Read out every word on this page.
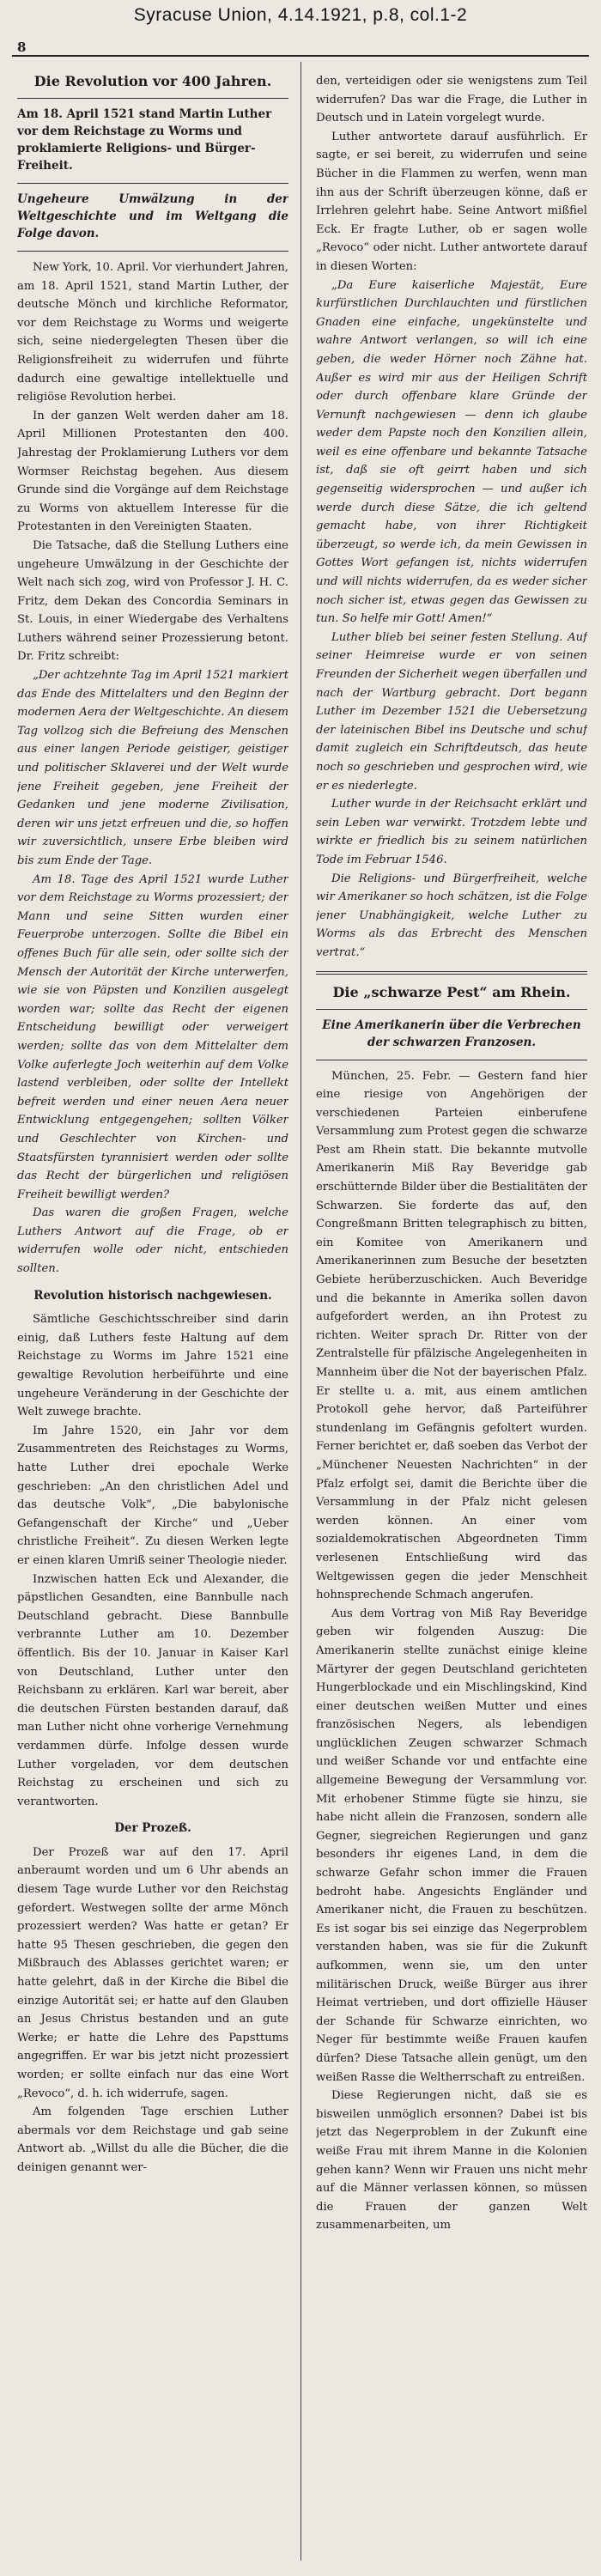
Syracuse Union, 4.14.1921, p.8, col.1-2
8
Die Revolution vor 400 Jahren.
Am 18. April 1521 stand Martin Luther vor dem Reichstage zu Worms und proklamierte Religions- und Bürger-Freiheit.
Ungeheure Umwälzung in der Weltgeschichte und im Weltgang die Folge davon.

New York, 10. April. Vor vierhundert Jahren, am 18. April 1521, stand Martin Luther, der deutsche Mönch und kirchliche Reformator, vor dem Reichstage zu Worms und weigerte sich, seine niedergelegten Thesen über die Religionsfreiheit zu widerrufen und führte dadurch eine gewaltige intellektuelle und religiöse Revolution herbei.

In der ganzen Welt werden daher am 18. April Millionen Protestanten den 400. Jahrestag der Proklamierung Luthers vor dem Wormser Reichstag begehen. Aus diesem Grunde sind die Vorgänge auf dem Reichstage zu Worms von aktuellem Interesse für die Protestanten in den Vereinigten Staaten.

Die Tatsache, daß die Stellung Luthers eine ungeheure Umwälzung in der Geschichte der Welt nach sich zog, wird von Professor J. H. C. Fritz, dem Dekan des Concordia Seminars in St. Louis, in einer Wiedergabe des Verhaltens Luthers während seiner Prozessierung betont. Dr. Fritz schreibt:

„Der achtzehnte Tag im April 1521 markiert das Ende des Mittelalters und den Beginn der modernen Aera der Weltgeschichte. An diesem Tag vollzog sich die Befreiung des Menschen aus einer langen Periode geistiger, geistiger und politischer Sklaverei und der Welt wurde jene Freiheit gegeben, jene Freiheit der Gedanken und jene moderne Zivilisation, deren wir uns jetzt erfreuen und die, so hoffen wir zuversichtlich, unsere Erbe bleiben wird bis zum Ende der Tage.

Am 18. Tage des April 1521 wurde Luther vor dem Reichstage zu Worms prozessiert; der Mann und seine Sitten wurden einer Feuerprobe unterzogen. Sollte die Bibel ein offenes Buch für alle sein, oder sollte sich der Mensch der Autorität der Kirche unterwerfen, wie sie von Päpsten und Konzilien ausgelegt worden war; sollte das Recht der eigenen Entscheidung bewilligt oder verweigert werden; sollte das von dem Mittelalter dem Volke auferlegte Joch weiterhin auf dem Volke lastend verbleiben, oder sollte der Intellekt befreit werden und einer neuen Aera neuer Entwicklung entgegengehen; sollten Völker und Geschlechter von Kirchen- und Staatsfürsten tyrannisiert werden oder sollte das Recht der bürgerlichen und religiösen Freiheit bewilligt werden?

Das waren die großen Fragen, welche Luthers Antwort auf die Frage, ob er widerrufen wolle oder nicht, entschieden sollten.

Revolution historisch nachgewiesen.

Sämtliche Geschichtsschreiber sind darin einig, daß Luthers feste Haltung auf dem Reichstage zu Worms im Jahre 1521 eine gewaltige Revolution herbeiführte und eine ungeheure Veränderung in der Geschichte der Welt zuwege brachte.

Im Jahre 1520, ein Jahr vor dem Zusammentreten des Reichstages zu Worms, hatte Luther drei epochale Werke geschrieben: „An den christlichen Adel und das deutsche Volk“, „Die babylonische Gefangenschaft der Kirche“ und „Ueber christliche Freiheit“. Zu diesen Werken legte er einen klaren Umriß seiner Theologie nieder.

Inzwischen hatten Eck und Alexander, die päpstlichen Gesandten, eine Bannbulle nach Deutschland gebracht. Diese Bannbulle verbrannte Luther am 10. Dezember öffentlich. Bis der 10. Januar in Kaiser Karl von Deutschland, Luther unter den Reichsbann zu erklären. Karl war bereit, aber die deutschen Fürsten bestanden darauf, daß man Luther nicht ohne vorherige Vernehmung verdammen dürfe. Infolge dessen wurde Luther vorgeladen, vor dem deutschen Reichstag zu erscheinen und sich zu verantworten.

Der Prozeß.

Der Prozeß war auf den 17. April anberaumt worden und um 6 Uhr abends an diesem Tage wurde Luther vor den Reichstag gefordert. Westwegen sollte der arme Mönch prozessiert werden? Was hatte er getan? Er hatte 95 Thesen geschrieben, die gegen den Mißbrauch des Ablasses gerichtet waren; er hatte gelehrt, daß in der Kirche die Bibel die einzige Autorität sei; er hatte auf den Glauben an Jesus Christus bestanden und an gute Werke; er hatte die Lehre des Papsttums angegriffen. Er war bis jetzt nicht prozessiert worden; er sollte einfach nur das eine Wort „Revoco“, d. h. ich widerrufe, sagen.

Am folgenden Tage erschien Luther abermals vor dem Reichstage und gab seine Antwort ab. „Willst du alle die Bücher, die die deinigen genannt wer-

den, verteidigen oder sie wenigstens zum Teil widerrufen? Das war die Frage, die Luther in Deutsch und in Latein vorgelegt wurde.

Luther antwortete darauf ausführlich. Er sagte, er sei bereit, zu widerrufen und seine Bücher in die Flammen zu werfen, wenn man ihn aus der Schrift überzeugen könne, daß er Irrlehren gelehrt habe. Seine Antwort mißfiel Eck. Er fragte Luther, ob er sagen wolle „Revoco“ oder nicht. Luther antwortete darauf in diesen Worten:

„Da Eure kaiserliche Majestät, Eure kurfürstlichen Durchlauchten und fürstlichen Gnaden eine einfache, ungekünstelte und wahre Antwort verlangen, so will ich eine geben, die weder Hörner noch Zähne hat. Außer es wird mir aus der Heiligen Schrift oder durch offenbare klare Gründe der Vernunft nachgewiesen — denn ich glaube weder dem Papste noch den Konzilien allein, weil es eine offenbare und bekannte Tatsache ist, daß sie oft geirrt haben und sich gegenseitig widersprochen — und außer ich werde durch diese Sätze, die ich geltend gemacht habe, von ihrer Richtigkeit überzeugt, so werde ich, da mein Gewissen in Gottes Wort gefangen ist, nichts widerrufen und will nichts widerrufen, da es weder sicher noch sicher ist, etwas gegen das Gewissen zu tun. So helfe mir Gott! Amen!“

Luther blieb bei seiner festen Stellung. Auf seiner Heimreise wurde er von seinen Freunden der Sicherheit wegen überfallen und nach der Wartburg gebracht. Dort begann Luther im Dezember 1521 die Uebersetzung der lateinischen Bibel ins Deutsche und schuf damit zugleich ein Schriftdeutsch, das heute noch so geschrieben und gesprochen wird, wie er es niederlegte.

Luther wurde in der Reichsacht erklärt und sein Leben war verwirkt. Trotzdem lebte und wirkte er friedlich bis zu seinem natürlichen Tode im Februar 1546.

Die Religions- und Bürgerfreiheit, welche wir Amerikaner so hoch schätzen, ist die Folge jener Unabhängigkeit, welche Luther zu Worms als das Erbrecht des Menschen vertrat.“

Die „schwarze Pest“ am Rhein.
Eine Amerikanerin über die Verbrechen der schwarzen Franzosen.

München, 25. Febr. — Gestern fand hier eine riesige von Angehörigen der verschiedenen Parteien einberufene Versammlung zum Protest gegen die schwarze Pest am Rhein statt. Die bekannte mutvolle Amerikanerin Miß Ray Beveridge gab erschütternde Bilder über die Bestialitäten der Schwarzen. Sie forderte das auf, den Congreßmann Britten telegraphisch zu bitten, ein Komitee von Amerikanern und Amerikanerinnen zum Besuche der besetzten Gebiete herüberzuschicken. Auch Beveridge und die bekannte in Amerika sollen davon aufgefordert werden, an ihn Protest zu richten. Weiter sprach Dr. Ritter von der Zentralstelle für pfälzische Angelegenheiten in Mannheim über die Not der bayerischen Pfalz. Er stellte u. a. mit, aus einem amtlichen Protokoll gehe hervor, daß Parteiführer stundenlang im Gefängnis gefoltert wurden. Ferner berichtet er, daß soeben das Verbot der „Münchener Neuesten Nachrichten“ in der Pfalz erfolgt sei, damit die Berichte über die Versammlung in der Pfalz nicht gelesen werden können. An einer vom sozialdemokratischen Abgeordneten Timm verlesenen Entschließung wird das Weltgewissen gegen die jeder Menschheit hohnsprechende Schmach angerufen.

Aus dem Vortrag von Miß Ray Beveridge geben wir folgenden Auszug: Die Amerikanerin stellte zunächst einige kleine Märtyrer der gegen Deutschland gerichteten Hungerblockade und ein Mischlingskind, Kind einer deutschen weißen Mutter und eines französischen Negers, als lebendigen unglücklichen Zeugen schwarzer Schmach und weißer Schande vor und entfachte eine allgemeine Bewegung der Versammlung vor. Mit erhobener Stimme fügte sie hinzu, sie habe nicht allein die Franzosen, sondern alle Gegner, siegreichen Regierungen und ganz besonders ihr eigenes Land, in dem die schwarze Gefahr schon immer die Frauen bedroht habe. Angesichts Engländer und Amerikaner nicht, die Frauen zu beschützen. Es ist sogar bis sei einzige das Negerproblem verstanden haben, was sie für die Zukunft aufkommen, wenn sie, um den unter militärischen Druck, weiße Bürger aus ihrer Heimat vertrieben, und dort offizielle Häuser der Schande für Schwarze einrichten, wo Neger für bestimmte weiße Frauen kaufen dürfen? Diese Tatsache allein genügt, um den weißen Rasse die Weltherrschaft zu entreißen.

Diese Regierungen nicht, daß sie es bisweilen unmöglich ersonnen? Dabei ist bis jetzt das Negerproblem in der Zukunft eine weiße Frau mit ihrem Manne in die Kolonien gehen kann? Wenn wir Frauen uns nicht mehr auf die Männer verlassen können, so müssen die Frauen der ganzen Welt zusammenarbeiten, um
